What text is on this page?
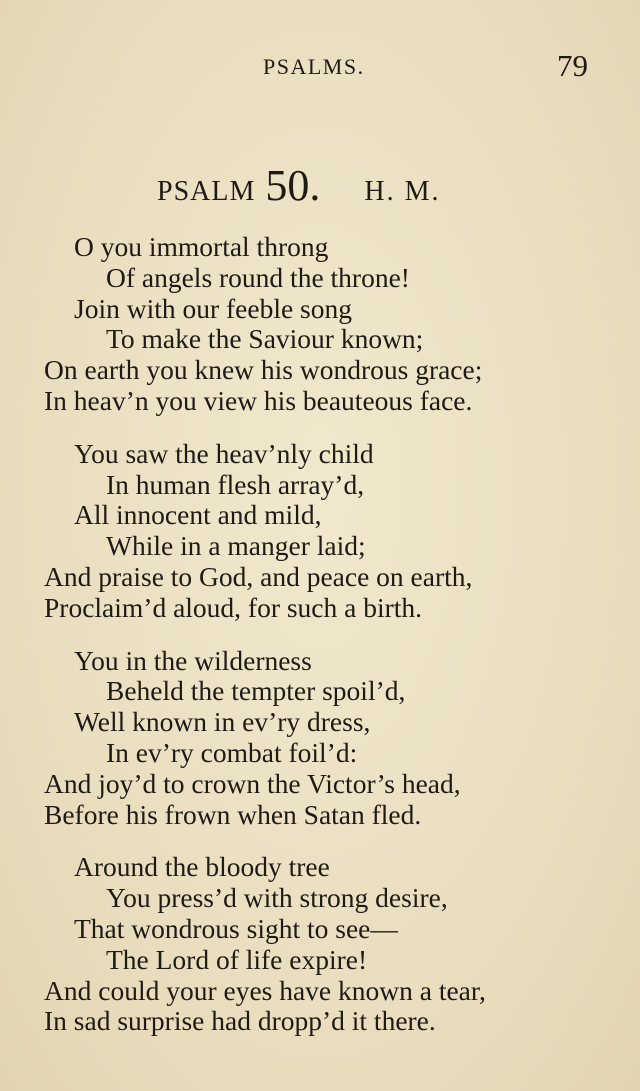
PSALMS.	79
PSALM 50. H. M.
O you immortal throng
Of angels round the throne!
Join with our feeble song
To make the Saviour known;
On earth you knew his wondrous grace;
In heav’n you view his beauteous face.
You saw the heav’nly child
In human flesh array’d,
All innocent and mild,
While in a manger laid;
And praise to God, and peace on earth,
Proclaim’d aloud, for such a birth.
You in the wilderness
Beheld the tempter spoil’d,
Well known in ev’ry dress,
In ev’ry combat foil’d:
And joy’d to crown the Victor’s head,
Before his frown when Satan fled.
Around the bloody tree
You press’d with strong desire,
That wondrous sight to see—
The Lord of life expire!
And could your eyes have known a tear,
In sad surprise had dropp’d it there.
